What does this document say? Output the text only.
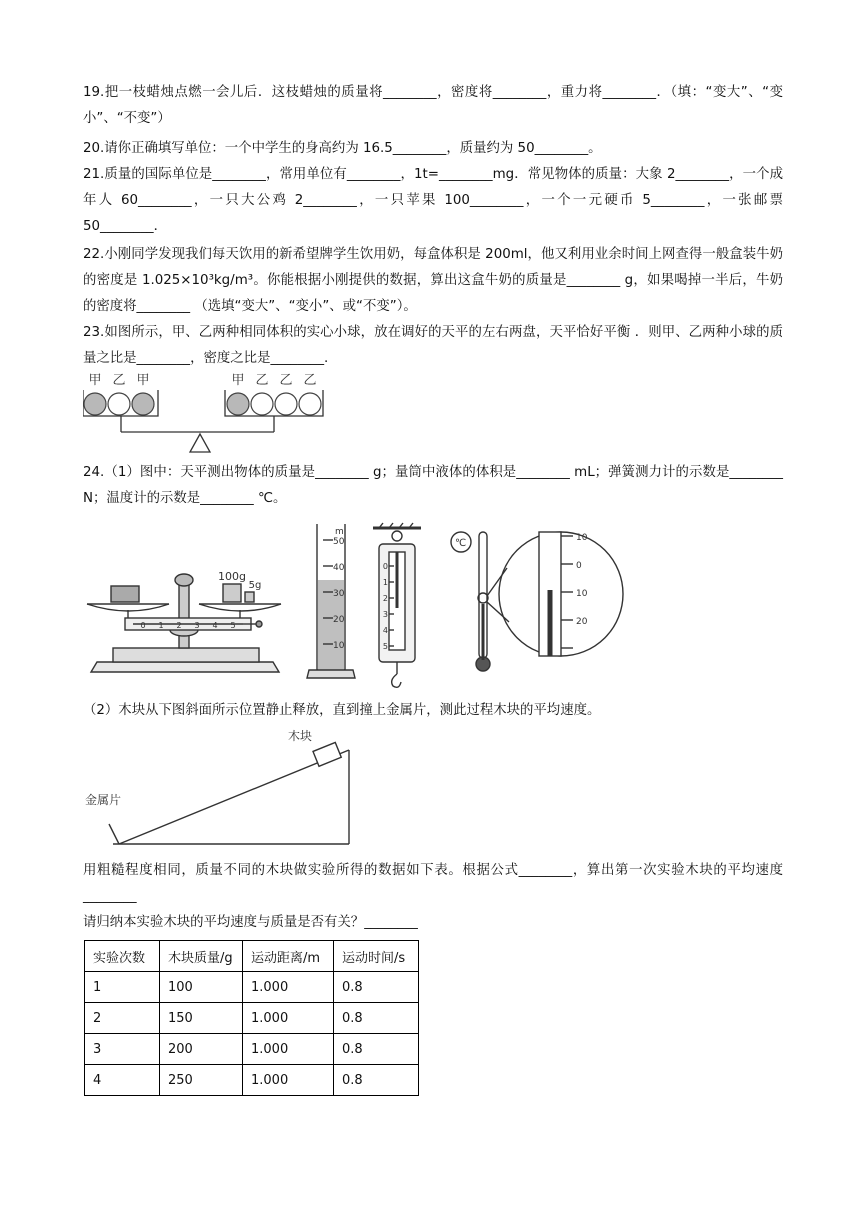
19.把一枝蜡烛点燃一会儿后．这枝蜡烛的质量将________，密度将________，重力将________．（填：“变大”、“变小”、“不变”）

20.请你正确填写单位：一个中学生的身高约为 16.5________，质量约为 50________。

21.质量的国际单位是________，常用单位有________，1t=________mg．常见物体的质量：大象 2________，一个成年人 60________，一只大公鸡 2________，一只苹果 100________，一个一元硬币 5________，一张邮票 50________．

22.小刚同学发现我们每天饮用的新希望牌学生饮用奶，每盒体积是 200ml，他又利用业余时间上网查得一般盒装牛奶的密度是 1.025×10³kg/m³。你能根据小刚提供的数据，算出这盒牛奶的质量是________ g，如果喝掉一半后，牛奶的密度将________ （选填“变大”、“变小”、或“不变”）。

23.如图所示，甲、乙两种相同体积的实心小球，放在调好的天平的左右两盘，天平恰好平衡 ．则甲、乙两种小球的质量之比是________，密度之比是________.

甲 乙 甲	甲 乙 乙 乙

24.（1）图中：天平测出物体的质量是________ g；量筒中液体的体积是________ mL；弹簧测力计的示数是________ N；温度计的示数是________ ℃。

100g
5g
0 1 2 3 4 5
ml
50
40
30
20
10
0
1
2
3
4
5
℃	10
0
10
20

（2）木块从下图斜面所示位置静止释放，直到撞上金属片，测此过程木块的平均速度。

木块
金属片

用粗糙程度相同，质量不同的木块做实验所得的数据如下表。根据公式________，算出第一次实验木块的平均速度________

请归纳本实验木块的平均速度与质量是否有关？________

实验次数	木块质量/g	运动距离/m	运动时间/s
1	100	1.000	0.8
2	150	1.000	0.8
3	200	1.000	0.8
4	250	1.000	0.8
